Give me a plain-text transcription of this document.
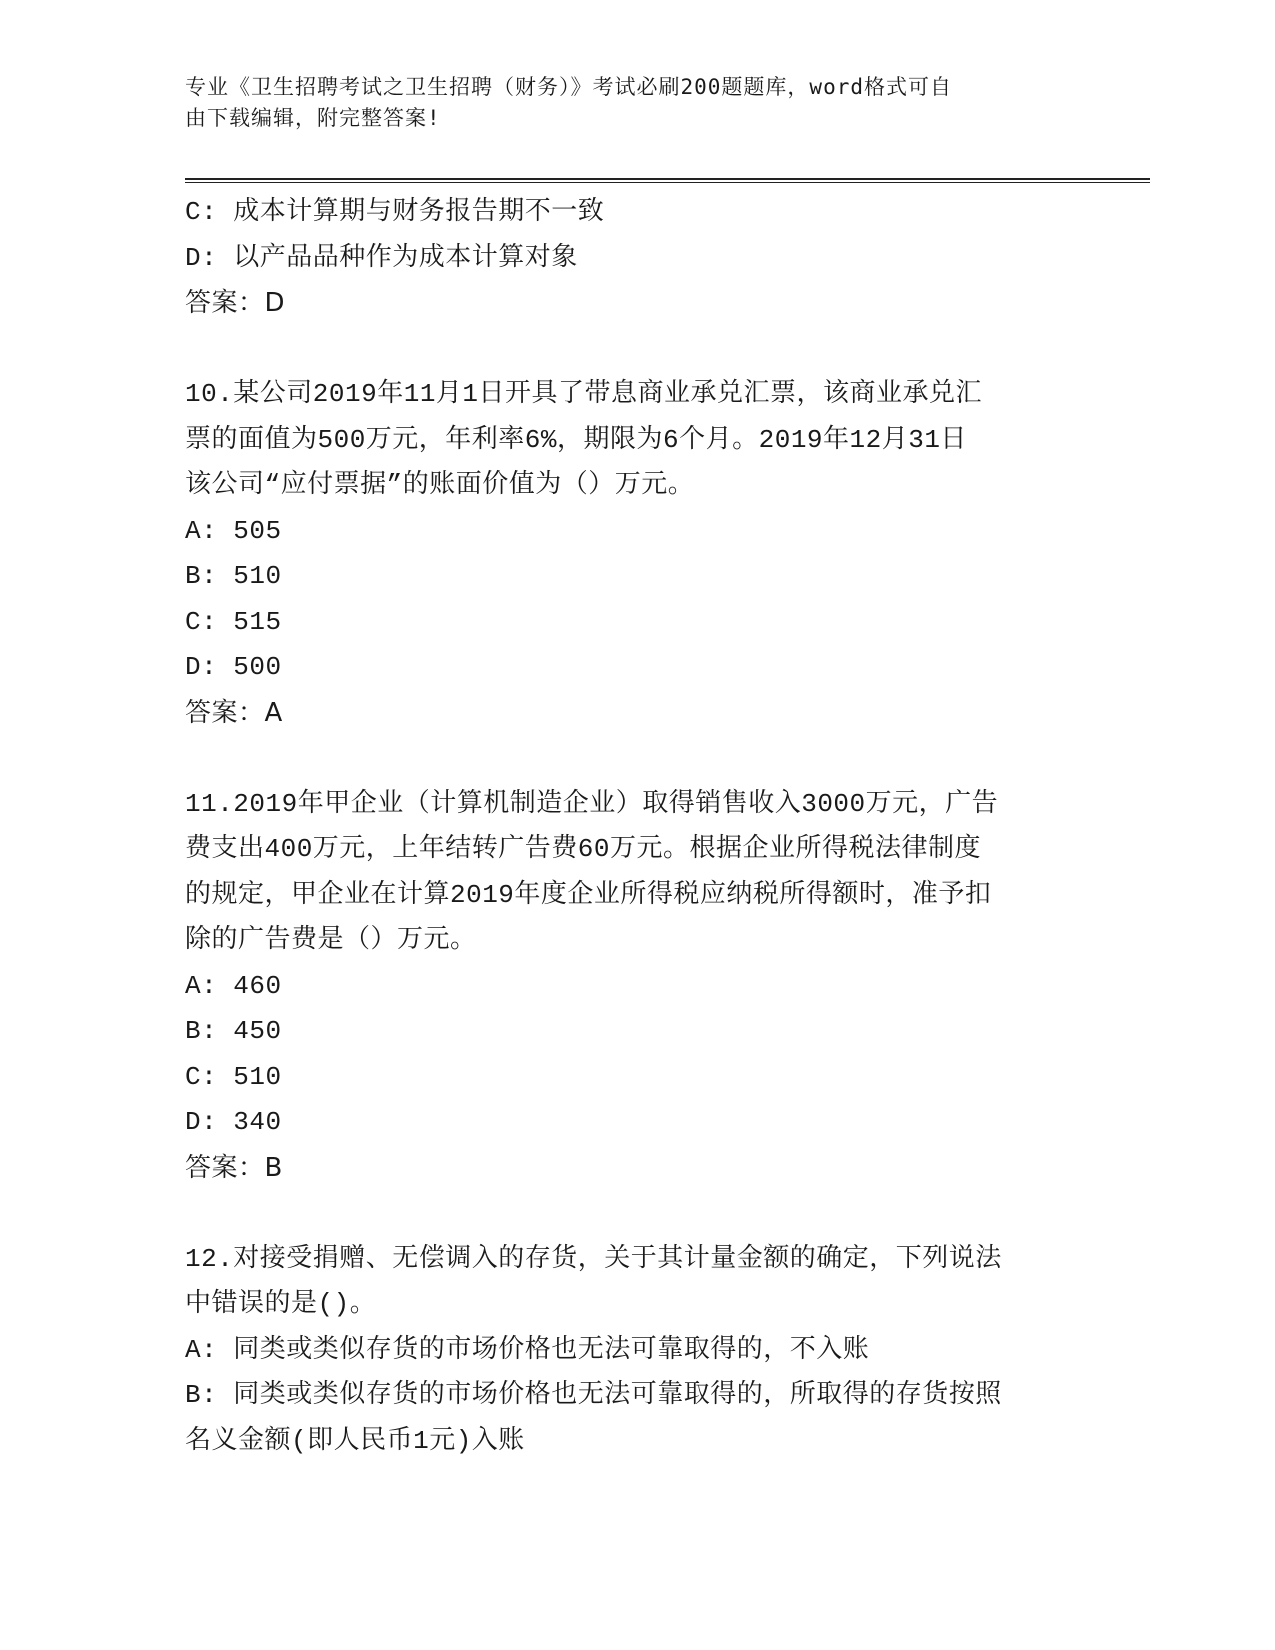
专业《卫生招聘考试之卫生招聘（财务）》考试必刷200题题库，word格式可自
由下载编辑，附完整答案!
C: 成本计算期与财务报告期不一致
D: 以产品品种作为成本计算对象
答案：D
10.某公司2019年11月1日开具了带息商业承兑汇票，该商业承兑汇
票的面值为500万元，年利率6%，期限为6个月。2019年12月31日
该公司“应付票据”的账面价值为（）万元。
A: 505
B: 510
C: 515
D: 500
答案：A
11.2019年甲企业（计算机制造企业）取得销售收入3000万元，广告
费支出400万元，上年结转广告费60万元。根据企业所得税法律制度
的规定，甲企业在计算2019年度企业所得税应纳税所得额时，准予扣
除的广告费是（）万元。
A: 460
B: 450
C: 510
D: 340
答案：B
12.对接受捐赠、无偿调入的存货，关于其计量金额的确定，下列说法
中错误的是()。
A: 同类或类似存货的市场价格也无法可靠取得的，不入账
B: 同类或类似存货的市场价格也无法可靠取得的，所取得的存货按照
名义金额(即人民币1元)入账
